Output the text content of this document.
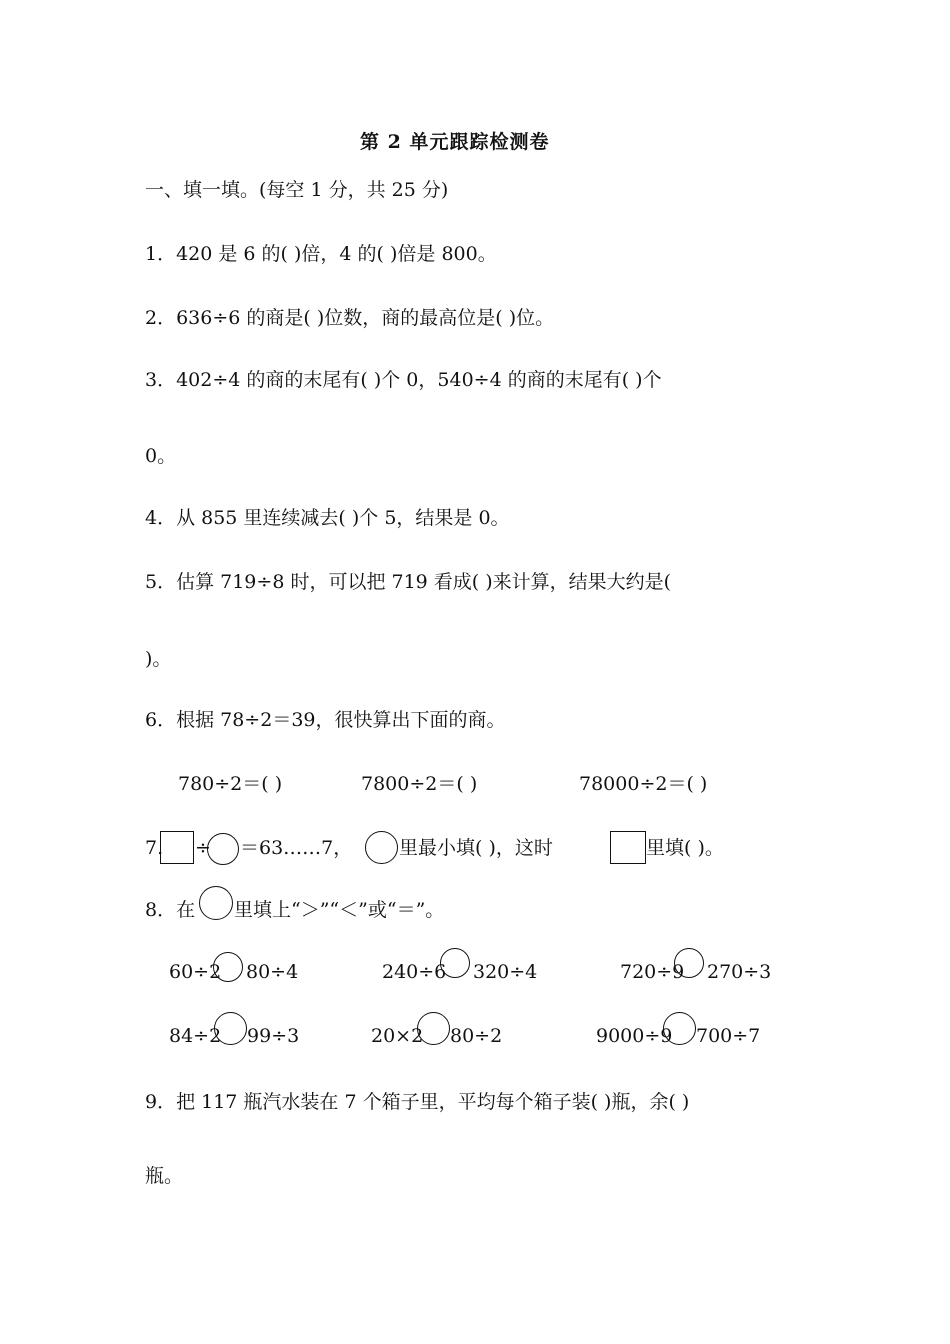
第 2 单元跟踪检测卷
一、填一填。(每空 1 分，共 25 分)
1．420 是 6 的( )倍，4 的( )倍是 800。
2．636÷6 的商是( )位数，商的最高位是( )位。
3．402÷4 的商的末尾有( )个 0，540÷4 的商的末尾有( )个
0。
4．从 855 里连续减去( )个 5，结果是 0。
5．估算 719÷8 时，可以把 719 看成( )来计算，结果大约是(
)。
6．根据 78÷2＝39，很快算出下面的商。
780÷2＝( )	7800÷2＝( )	78000÷2＝( )
7. ÷ ＝63……7， 里最小填( )，这时	里填( )。
8．在 里填上“＞”“＜”或“＝”。
60÷2 80÷4	240÷6 320÷4	720÷9 270÷3
84÷2 99÷3	20×2 80÷2	9000÷9 700÷7
9．把 117 瓶汽水装在 7 个箱子里，平均每个箱子装( )瓶，余( )
瓶。
